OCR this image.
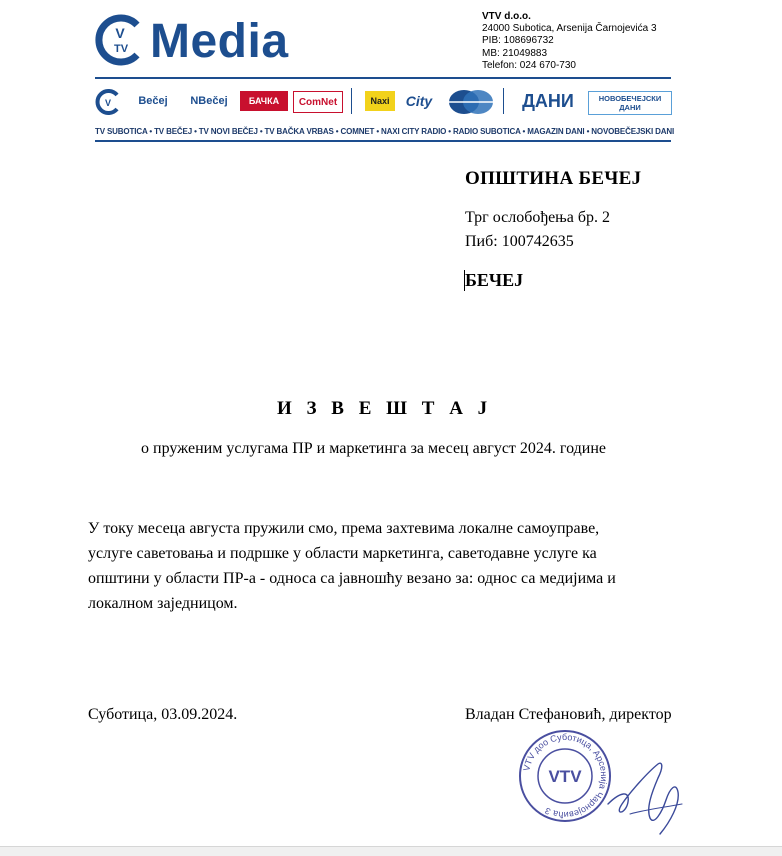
V
TV Media	VTV d.o.o.
24000 Subotica, Arsenija Čarnojevića 3
PIB: 108696732
MB: 21049883
Telefon: 024 670-730
V	Bečej	NBečej	БАЧКА	ComNet	Naxi	City	ДАНИ	НОВОБЕЧЕЈСКИ ДАНИ
TV SUBOTICA • TV BEČEJ • TV NOVI BEČEJ • TV BAČKA VRBAS • COMNET • NAXI CITY RADIO • RADIO SUBOTICA • MAGAZIN DANI • NOVOBEČEJSKI DANI
ОПШТИНА БЕЧЕЈ
Трг ослобођења бр. 2
Пиб: 100742635
БЕЧЕЈ
И З В Е Ш Т А Ј
о пруженим услугама ПР и маркетинга за месец август 2024. године
У току месеца августа пружили смо, према захтевима локалне самоуправе,
услуге саветовања и подршке у области маркетинга, саветодавне услуге ка
општини у области ПР-а - односа са јавношћу везано за: однос са медијима и
локалном заједницом.
Суботица, 03.09.2024.	Владан Стефановић, директор
VTV доо Суботица, Арсенија Чарнојевића 3
VTV
